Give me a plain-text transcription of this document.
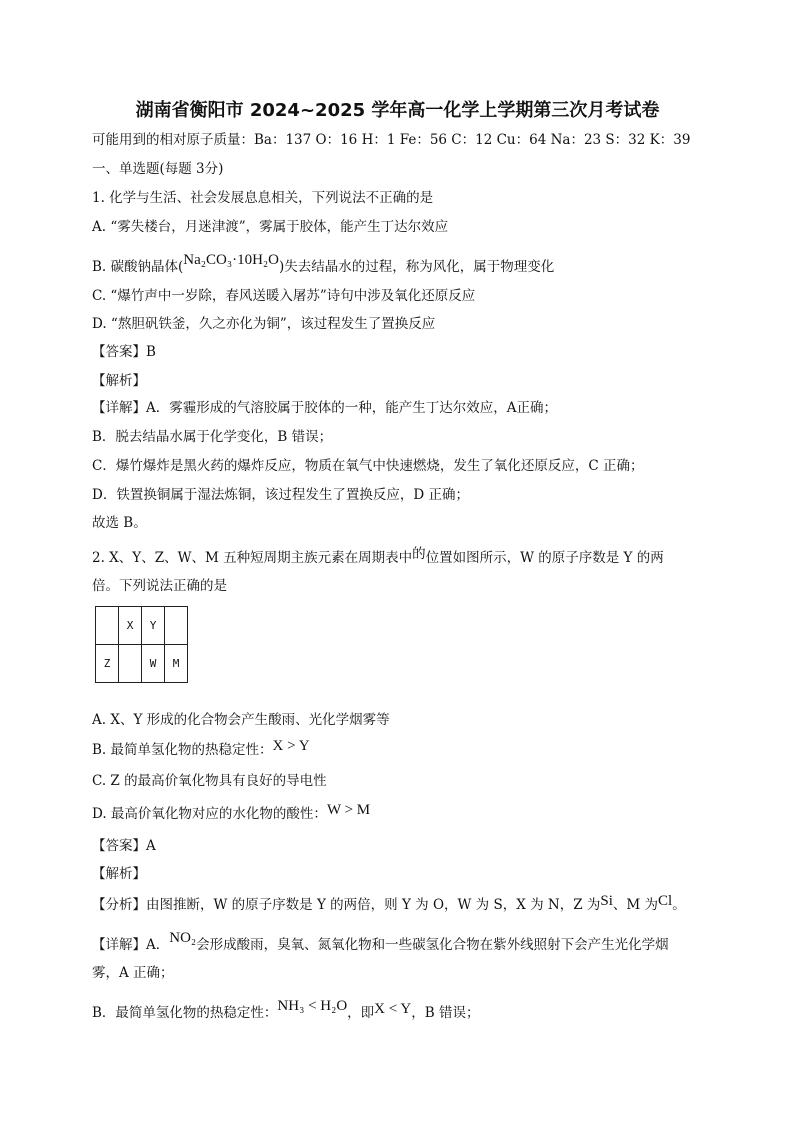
湖南省衡阳市 2024~2025 学年高一化学上学期第三次月考试卷
可能用到的相对原子质量：Ba：137 O：16 H：1 Fe：56 C：12 Cu：64 Na：23 S：32 K：39
一、单选题(每题 3分)
1. 化学与生活、社会发展息息相关，下列说法不正确的是
A. “雾失楼台，月迷津渡”，雾属于胶体，能产生丁达尔效应
B. 碳酸钠晶体(Na₂CO₃·10H₂O)失去结晶水的过程，称为风化，属于物理变化
C. “爆竹声中一岁除，春风送暖入屠苏”诗句中涉及氧化还原反应
D. “熬胆矾铁釜，久之亦化为铜”，该过程发生了置换反应
【答案】B
【解析】
【详解】A．雾霾形成的气溶胶属于胶体的一种，能产生丁达尔效应，A正确；
B．脱去结晶水属于化学变化，B 错误；
C．爆竹爆炸是黑火药的爆炸反应，物质在氧气中快速燃烧，发生了氧化还原反应，C 正确；
D．铁置换铜属于湿法炼铜，该过程发生了置换反应，D 正确；
故选 B。
2. X、Y、Z、W、M 五种短周期主族元素在周期表中的位置如图所示，W 的原子序数是 Y 的两
倍。下列说法正确的是
	X	Y	
Z		W	M
A. X、Y 形成的化合物会产生酸雨、光化学烟雾等
B. 最简单氢化物的热稳定性：X > Y
C. Z 的最高价氧化物具有良好的导电性
D. 最高价氧化物对应的水化物的酸性：W > M
【答案】A
【解析】
【分析】由图推断，W 的原子序数是 Y 的两倍，则 Y 为 O，W 为 S，X 为 N，Z 为Si、M 为Cl。
【详解】A．NO₂会形成酸雨，臭氧、氮氧化物和一些碳氢化合物在紫外线照射下会产生光化学烟
雾，A 正确；
B．最简单氢化物的热稳定性：NH₃ < H₂O，即X < Y，B 错误；
